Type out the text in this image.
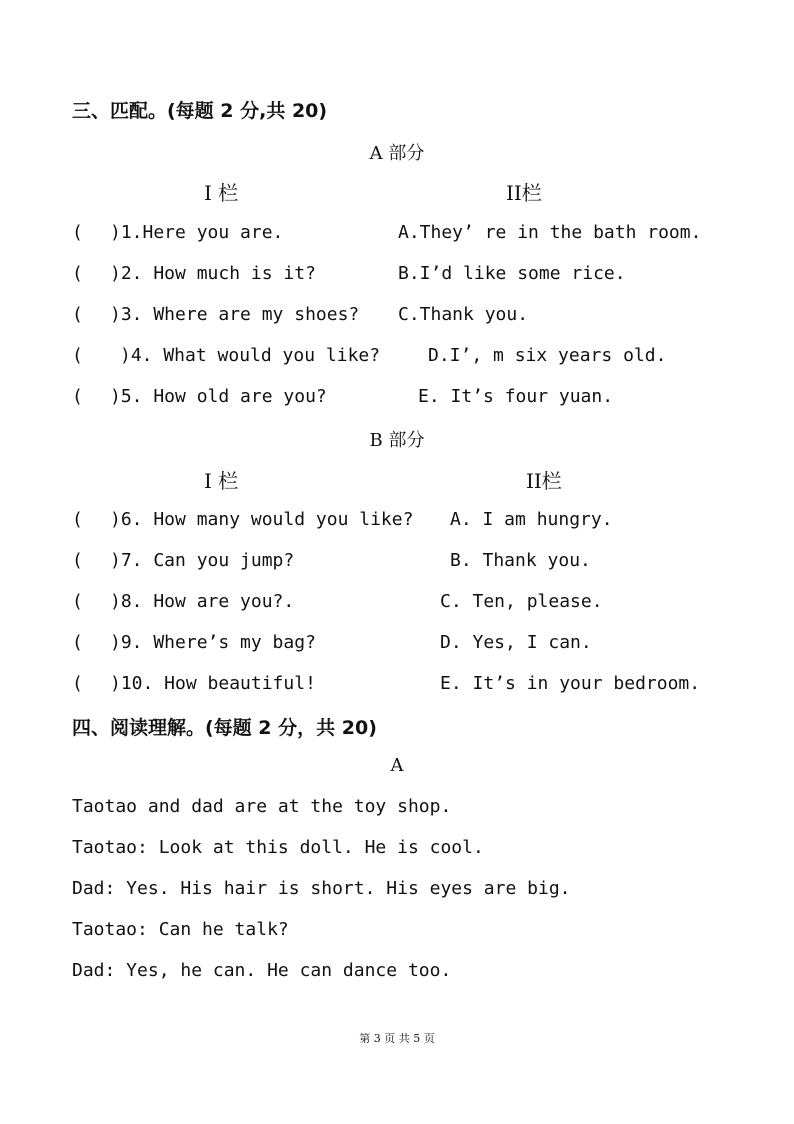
三、匹配。(每题 2 分,共 20)
A 部分
I 栏	II栏
( )1.Here you are.	A.They’ re in the bath room.
( )2. How much is it?	B.I’d like some rice.
( )3. Where are my shoes? C.Thank you.
( )4. What would you like?	D.I’, m six years old.
( )5. How old are you?	E. It’s four yuan.
B 部分
I 栏	II栏
( )6. How many would you like? A. I am hungry.
( )7. Can you jump?	B. Thank you.
( )8. How are you?.	C. Ten, please.
( )9. Where’s my bag?	D. Yes, I can.
( )10. How beautiful!	E. It’s in your bedroom.
四、阅读理解。(每题 2 分，共 20)
A
Taotao and dad are at the toy shop.
Taotao: Look at this doll. He is cool.
Dad: Yes. His hair is short. His eyes are big.
Taotao: Can he talk?
Dad: Yes, he can. He can dance too.
第 3 页 共 5 页
